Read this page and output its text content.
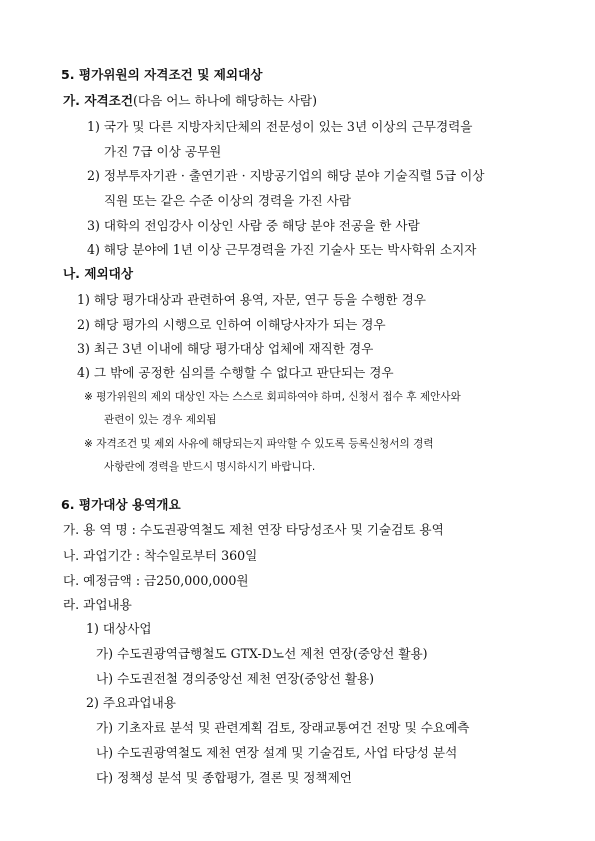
5. 평가위원의 자격조건 및 제외대상
가. 자격조건(다음 어느 하나에 해당하는 사람)
1) 국가 및 다른 지방자치단체의 전문성이 있는 3년 이상의 근무경력을
가진 7급 이상 공무원
2) 정부투자기관 · 출연기관 · 지방공기업의 해당 분야 기술직렬 5급 이상
직원 또는 같은 수준 이상의 경력을 가진 사람
3) 대학의 전임강사 이상인 사람 중 해당 분야 전공을 한 사람
4) 해당 분야에 1년 이상 근무경력을 가진 기술사 또는 박사학위 소지자
나. 제외대상
1) 해당 평가대상과 관련하여 용역, 자문, 연구 등을 수행한 경우
2) 해당 평가의 시행으로 인하여 이해당사자가 되는 경우
3) 최근 3년 이내에 해당 평가대상 업체에 재직한 경우
4) 그 밖에 공정한 심의를 수행할 수 없다고 판단되는 경우
※ 평가위원의 제외 대상인 자는 스스로 회피하여야 하며, 신청서 접수 후 제안사와
관련이 있는 경우 제외됨
※ 자격조건 및 제외 사유에 해당되는지 파악할 수 있도록 등록신청서의 경력
사항란에 경력을 반드시 명시하시기 바랍니다.
6. 평가대상 용역개요
가. 용 역 명 : 수도권광역철도 제천 연장 타당성조사 및 기술검토 용역
나. 과업기간 : 착수일로부터 360일
다. 예정금액 : 금250,000,000원
라. 과업내용
1) 대상사업
가) 수도권광역급행철도 GTX-D노선 제천 연장(중앙선 활용)
나) 수도권전철 경의중앙선 제천 연장(중앙선 활용)
2) 주요과업내용
가) 기초자료 분석 및 관련계획 검토, 장래교통여건 전망 및 수요예측
나) 수도권광역철도 제천 연장 설계 및 기술검토, 사업 타당성 분석
다) 정책성 분석 및 종합평가, 결론 및 정책제언
